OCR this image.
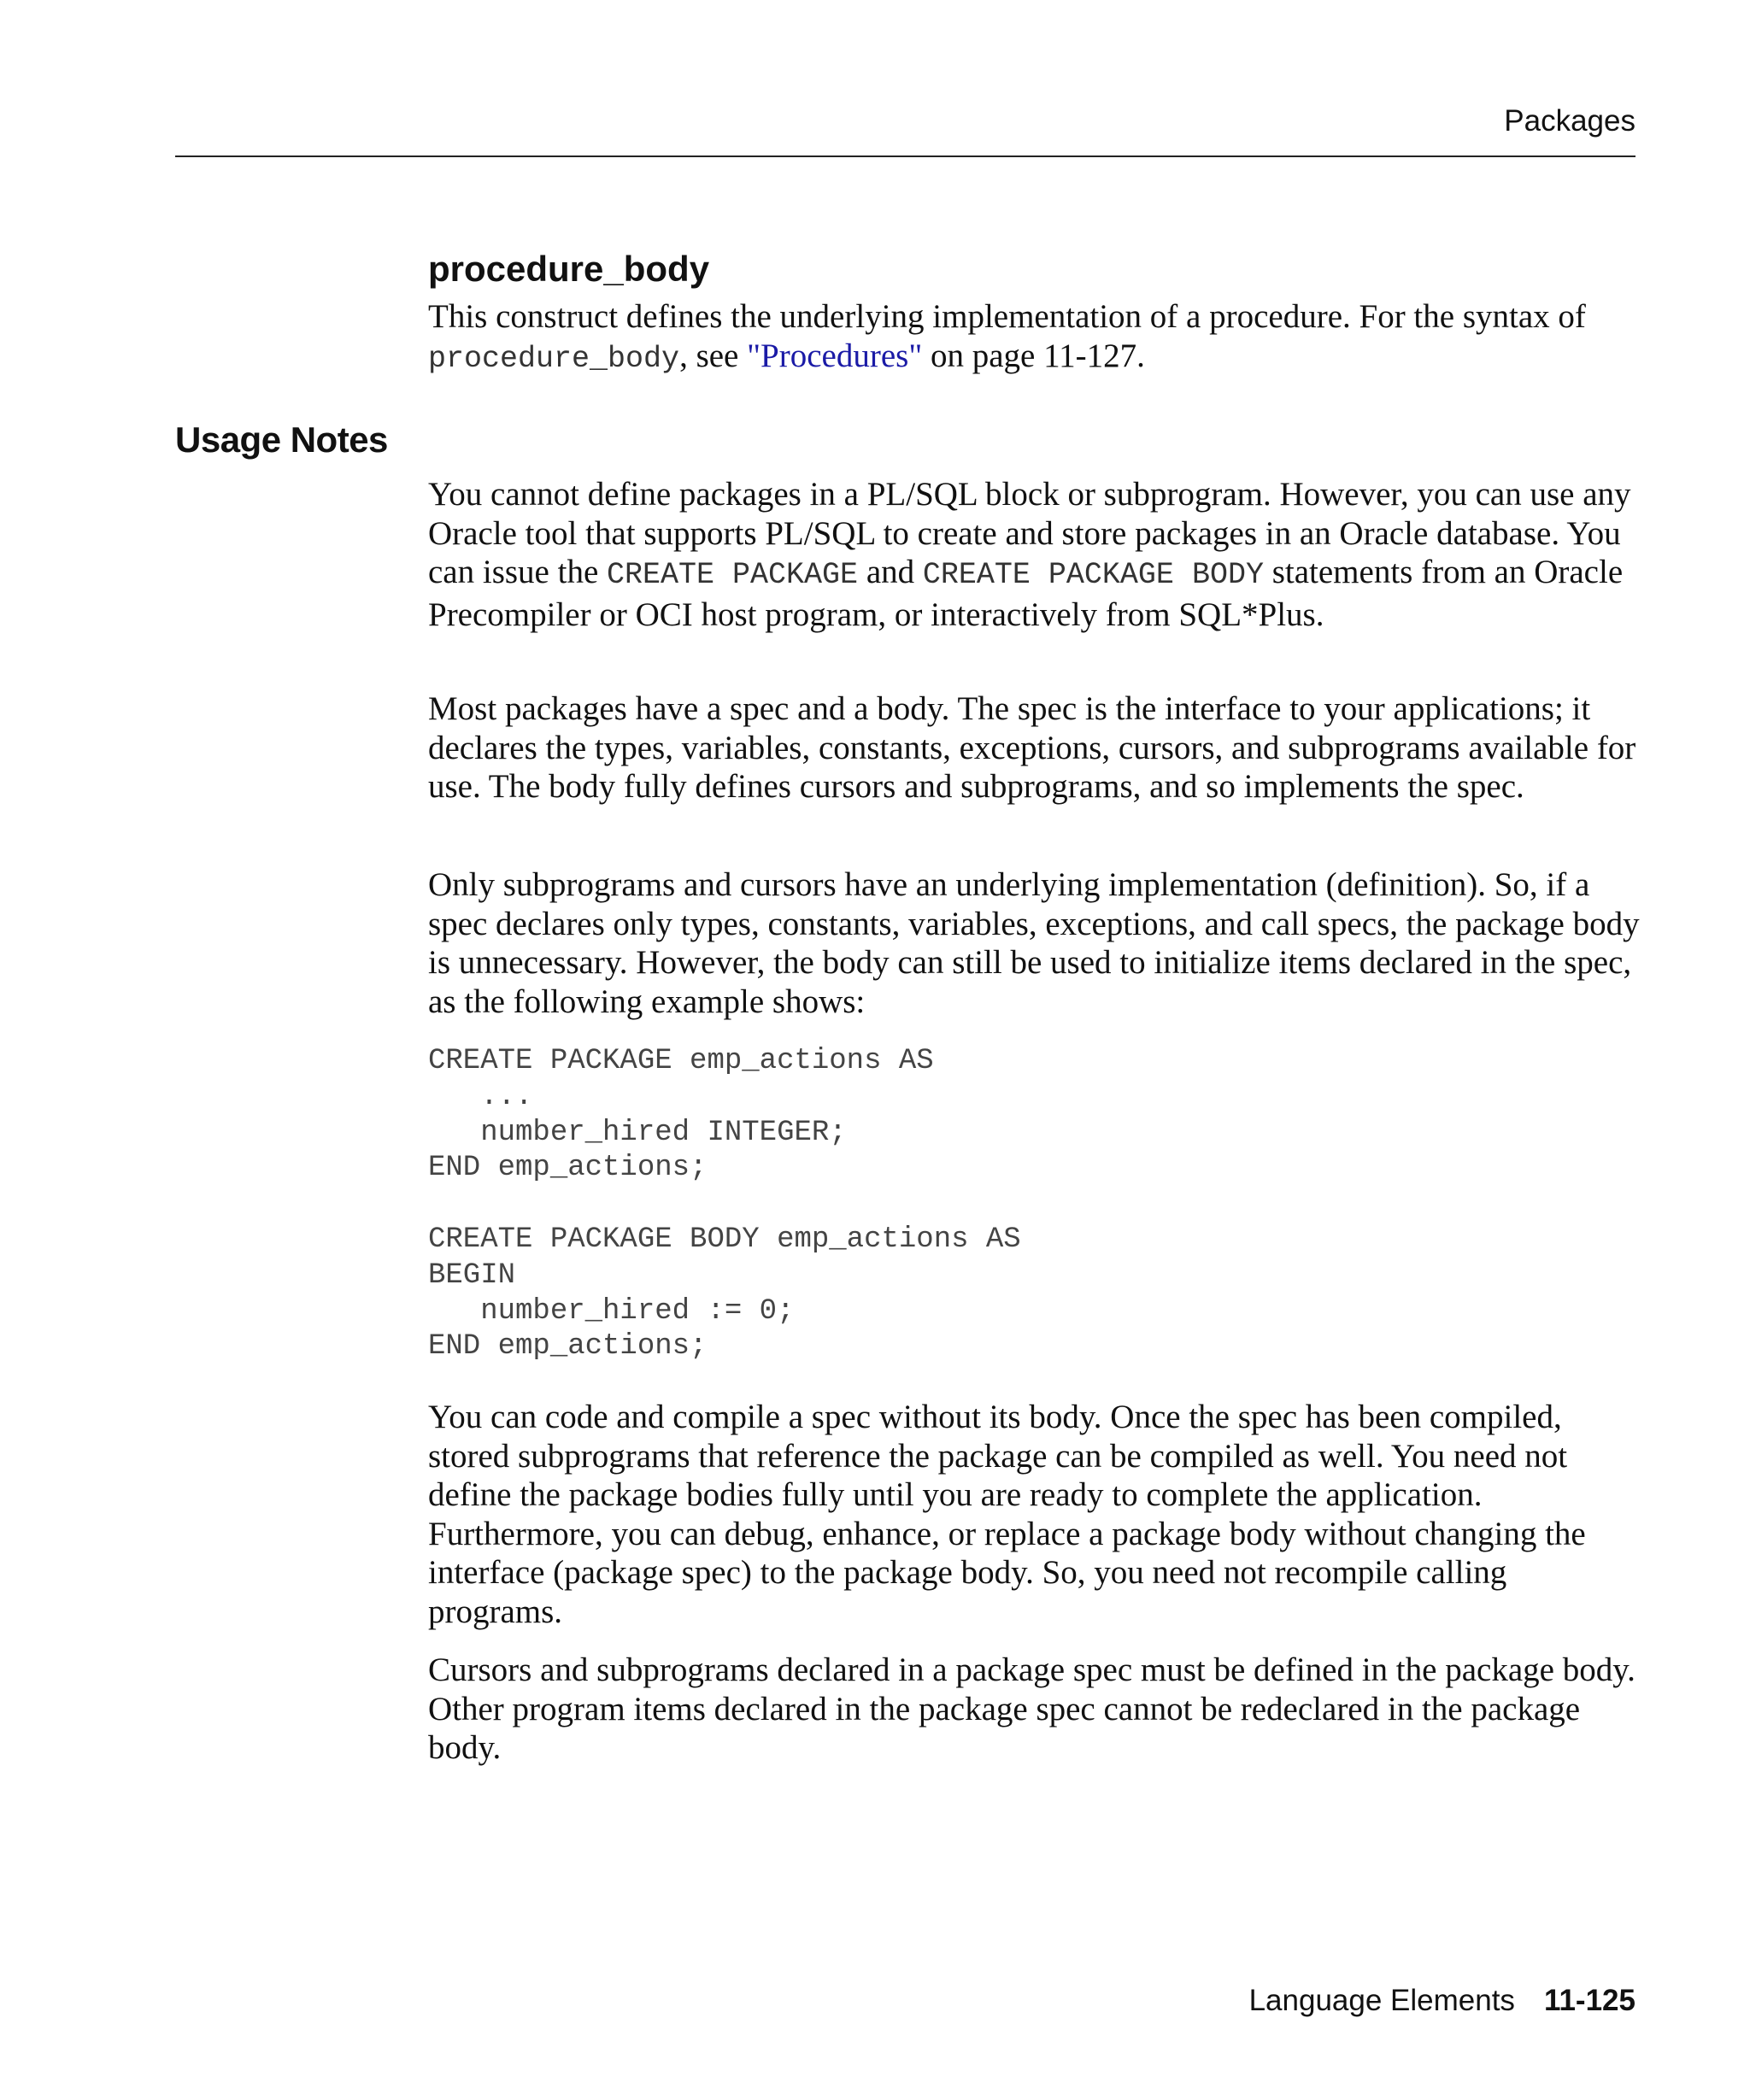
Packages
procedure_body

This construct defines the underlying implementation of a procedure. For the syntax of procedure_body, see "Procedures" on page 11-127.

Usage Notes

You cannot define packages in a PL/SQL block or subprogram. However, you can use any Oracle tool that supports PL/SQL to create and store packages in an Oracle database. You can issue the CREATE PACKAGE and CREATE PACKAGE BODY statements from an Oracle Precompiler or OCI host program, or interactively from SQL*Plus.

Most packages have a spec and a body. The spec is the interface to your applications; it declares the types, variables, constants, exceptions, cursors, and subprograms available for use. The body fully defines cursors and subprograms, and so implements the spec.

Only subprograms and cursors have an underlying implementation (definition). So, if a spec declares only types, constants, variables, exceptions, and call specs, the package body is unnecessary. However, the body can still be used to initialize items declared in the spec, as the following example shows:

CREATE PACKAGE emp_actions AS
...
number_hired INTEGER;
END emp_actions;

CREATE PACKAGE BODY emp_actions AS
BEGIN
number_hired := 0;
END emp_actions;

You can code and compile a spec without its body. Once the spec has been compiled, stored subprograms that reference the package can be compiled as well. You need not define the package bodies fully until you are ready to complete the application. Furthermore, you can debug, enhance, or replace a package body without changing the interface (package spec) to the package body. So, you need not recompile calling programs.

Cursors and subprograms declared in a package spec must be defined in the package body. Other program items declared in the package spec cannot be redeclared in the package body.

Language Elements 11-125
